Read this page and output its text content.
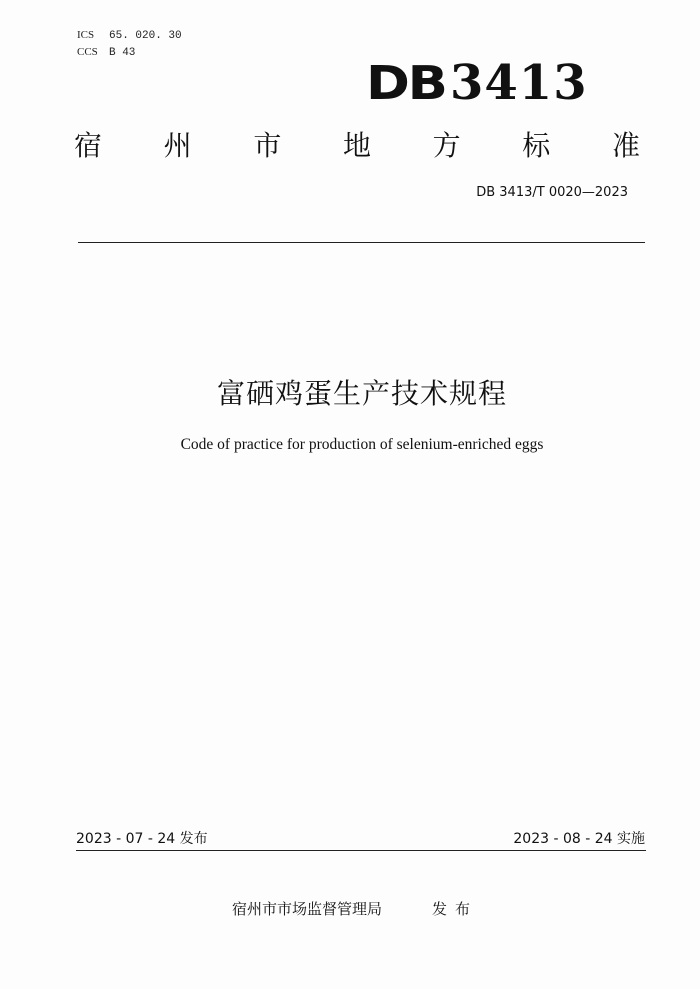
ICS 65. 020. 30
CCS B 43
DB 3413
宿 州 市 地 方 标 准
DB 3413/T 0020—2023
富硒鸡蛋生产技术规程
Code of practice for production of selenium-enriched eggs
2023 - 07 - 24 发布	2023 - 08 - 24 实施
宿州市市场监督管理局	发布
